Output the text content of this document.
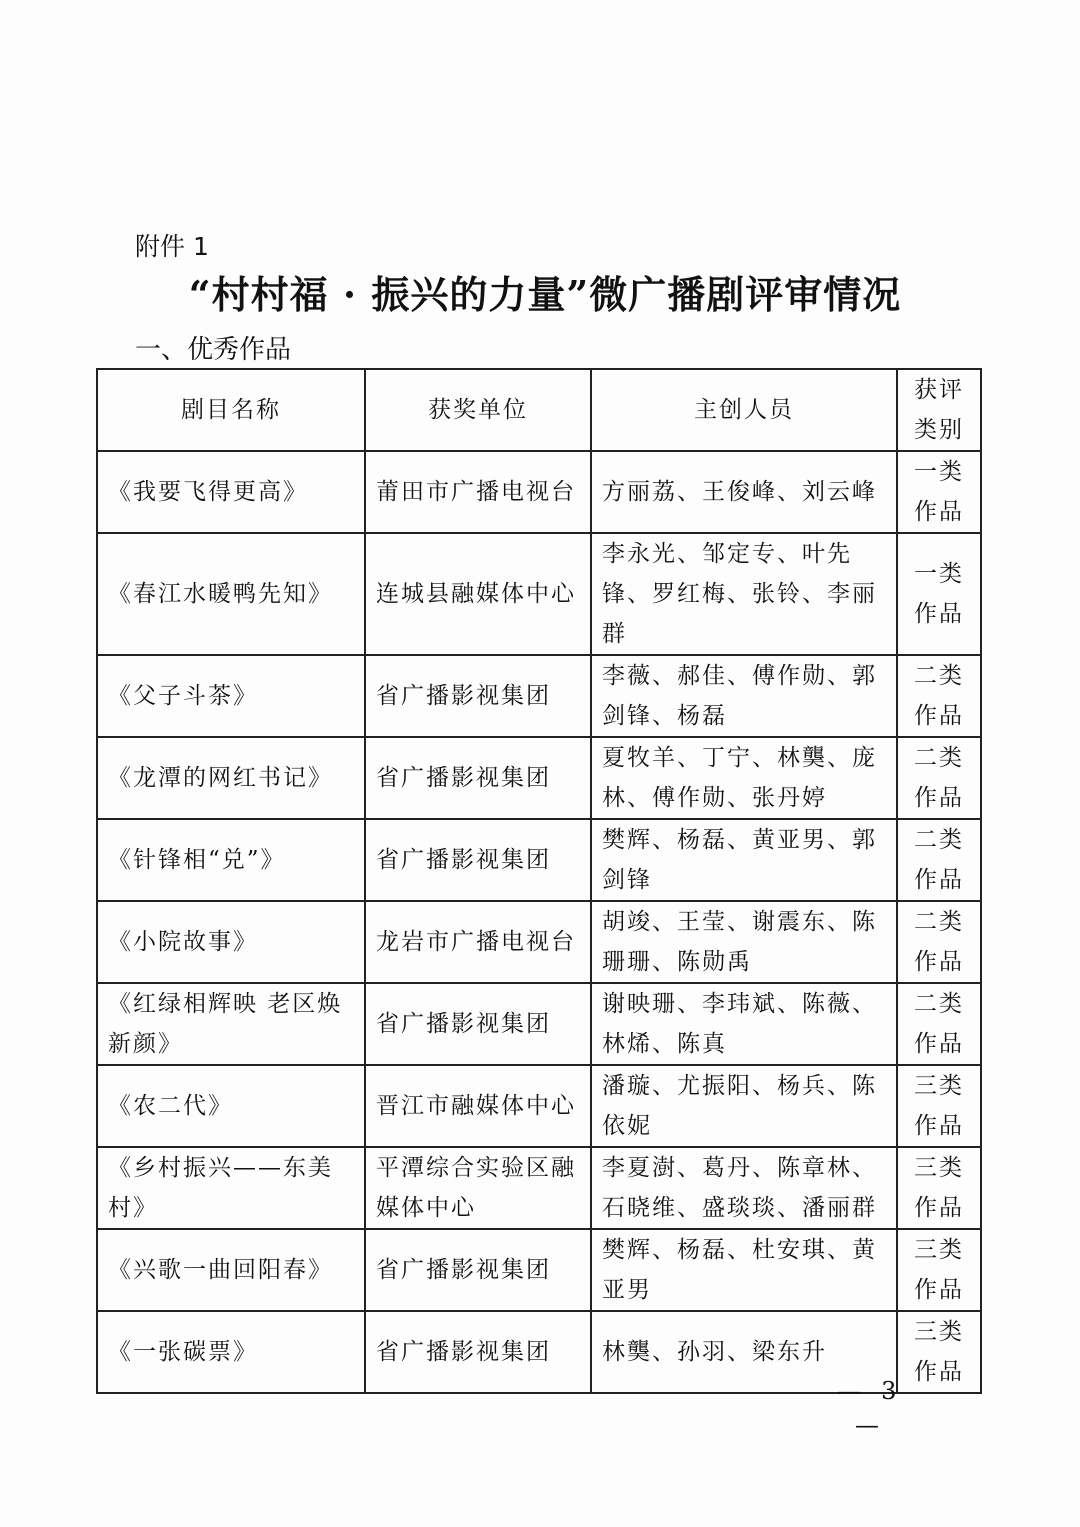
附件 1
“村村福 · 振兴的力量”微广播剧评审情况
一、优秀作品
剧目名称	获奖单位	主创人员	获评类别
《我要飞得更高》	莆田市广播电视台	方丽荔、王俊峰、刘云峰	一类作品
《春江水暖鸭先知》	连城县融媒体中心	李永光、邹定专、叶先锋、罗红梅、张铃、李丽群	一类作品
《父子斗茶》	省广播影视集团	李薇、郝佳、傅作勋、郭剑锋、杨磊	二类作品
《龙潭的网红书记》	省广播影视集团	夏牧羊、丁宁、林龑、庞林、傅作勋、张丹婷	二类作品
《针锋相“兑”》	省广播影视集团	樊辉、杨磊、黄亚男、郭剑锋	二类作品
《小院故事》	龙岩市广播电视台	胡竣、王莹、谢震东、陈珊珊、陈勋禹	二类作品
《红绿相辉映 老区焕新颜》	省广播影视集团	谢映珊、李玮斌、陈薇、林烯、陈真	二类作品
《农二代》	晋江市融媒体中心	潘璇、尤振阳、杨兵、陈依妮	三类作品
《乡村振兴——东美村》	平潭综合实验区融媒体中心	李夏澍、葛丹、陈章林、石晓维、盛琰琰、潘丽群	三类作品
《兴歌一曲回阳春》	省广播影视集团	樊辉、杨磊、杜安琪、黄亚男	三类作品
《一张碳票》	省广播影视集团	林龑、孙羽、梁东升	三类作品
— 3 —
